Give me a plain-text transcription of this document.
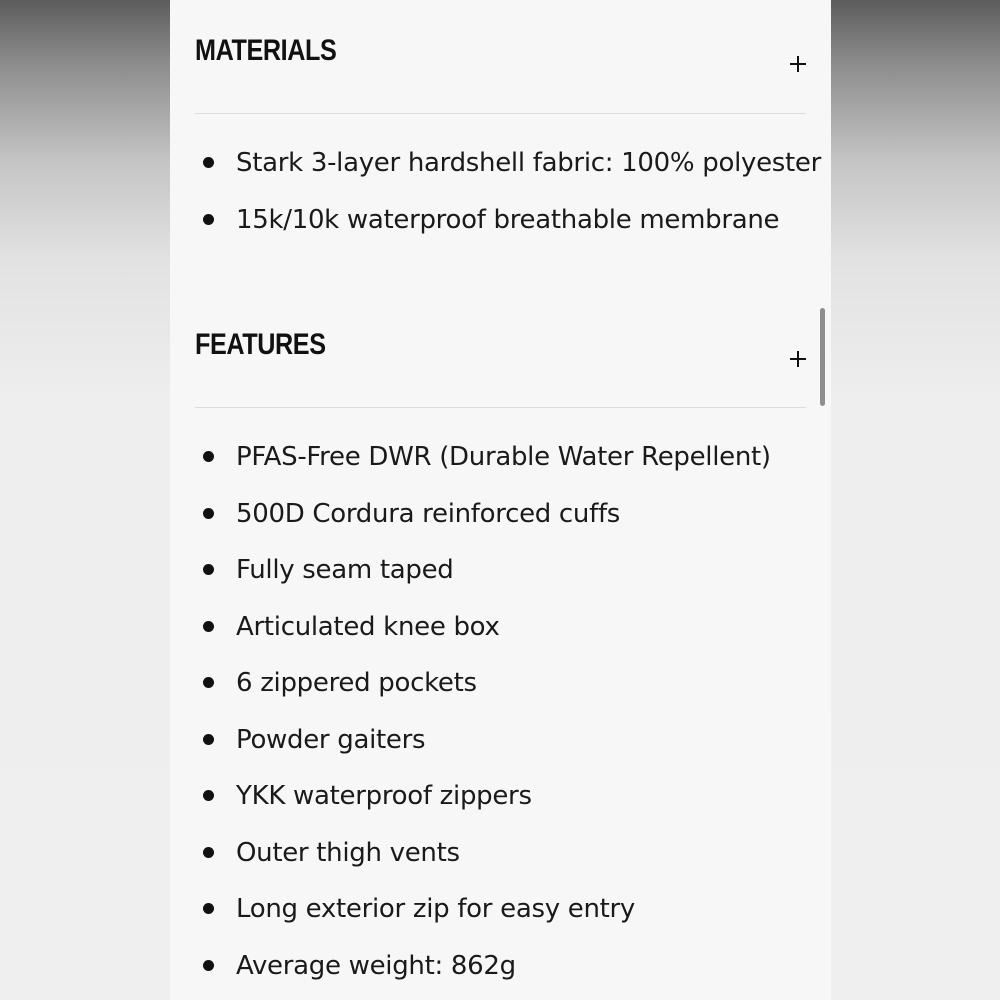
MATERIALS
Stark 3-layer hardshell fabric: 100% polyester
15k/10k waterproof breathable membrane
FEATURES
PFAS-Free DWR (Durable Water Repellent)
500D Cordura reinforced cuffs
Fully seam taped
Articulated knee box
6 zippered pockets
Powder gaiters
YKK waterproof zippers
Outer thigh vents
Long exterior zip for easy entry
Average weight: 862g
